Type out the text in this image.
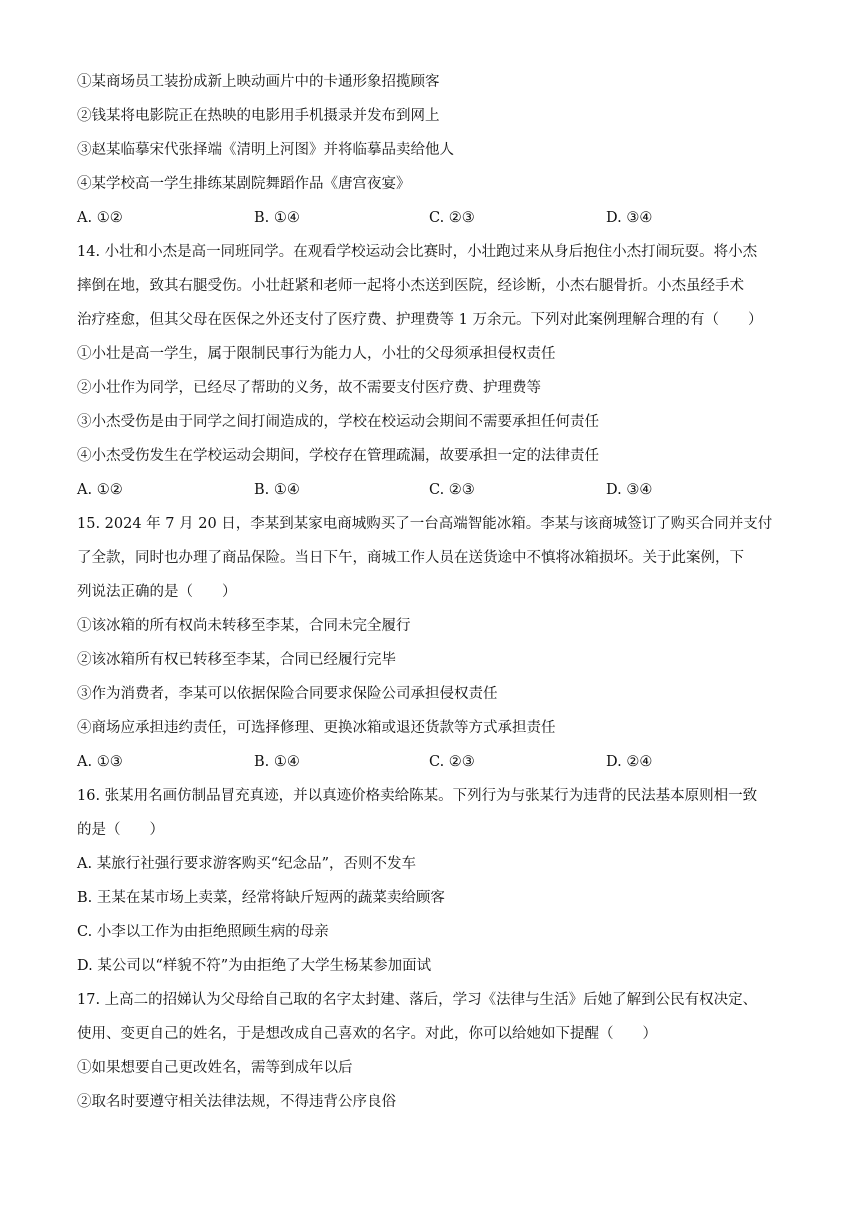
①某商场员工装扮成新上映动画片中的卡通形象招揽顾客
②钱某将电影院正在热映的电影用手机摄录并发布到网上
③赵某临摹宋代张择端《清明上河图》并将临摹品卖给他人
④某学校高一学生排练某剧院舞蹈作品《唐宫夜宴》
A. ①②	B. ①④	C. ②③	D. ③④
14. 小壮和小杰是高一同班同学。在观看学校运动会比赛时，小壮跑过来从身后抱住小杰打闹玩耍。将小杰
摔倒在地，致其右腿受伤。小壮赶紧和老师一起将小杰送到医院，经诊断，小杰右腿骨折。小杰虽经手术
治疗痊愈，但其父母在医保之外还支付了医疗费、护理费等 1 万余元。下列对此案例理解合理的有（　　）
①小壮是高一学生，属于限制民事行为能力人，小壮的父母须承担侵权责任
②小壮作为同学，已经尽了帮助的义务，故不需要支付医疗费、护理费等
③小杰受伤是由于同学之间打闹造成的，学校在校运动会期间不需要承担任何责任
④小杰受伤发生在学校运动会期间，学校存在管理疏漏，故要承担一定的法律责任
A. ①②	B. ①④	C. ②③	D. ③④
15. 2024 年 7 月 20 日，李某到某家电商城购买了一台高端智能冰箱。李某与该商城签订了购买合同并支付
了全款，同时也办理了商品保险。当日下午，商城工作人员在送货途中不慎将冰箱损坏。关于此案例，下
列说法正确的是（　　）
①该冰箱的所有权尚未转移至李某，合同未完全履行
②该冰箱所有权已转移至李某，合同已经履行完毕
③作为消费者，李某可以依据保险合同要求保险公司承担侵权责任
④商场应承担违约责任，可选择修理、更换冰箱或退还货款等方式承担责任
A. ①③	B. ①④	C. ②③	D. ②④
16. 张某用名画仿制品冒充真迹，并以真迹价格卖给陈某。下列行为与张某行为违背的民法基本原则相一致
的是（　　）
A. 某旅行社强行要求游客购买“纪念品”，否则不发车
B. 王某在某市场上卖菜，经常将缺斤短两的蔬菜卖给顾客
C. 小李以工作为由拒绝照顾生病的母亲
D. 某公司以“样貌不符”为由拒绝了大学生杨某参加面试
17. 上高二的招娣认为父母给自己取的名字太封建、落后，学习《法律与生活》后她了解到公民有权决定、
使用、变更自己的姓名，于是想改成自己喜欢的名字。对此，你可以给她如下提醒（　　）
①如果想要自己更改姓名，需等到成年以后
②取名时要遵守相关法律法规，不得违背公序良俗
